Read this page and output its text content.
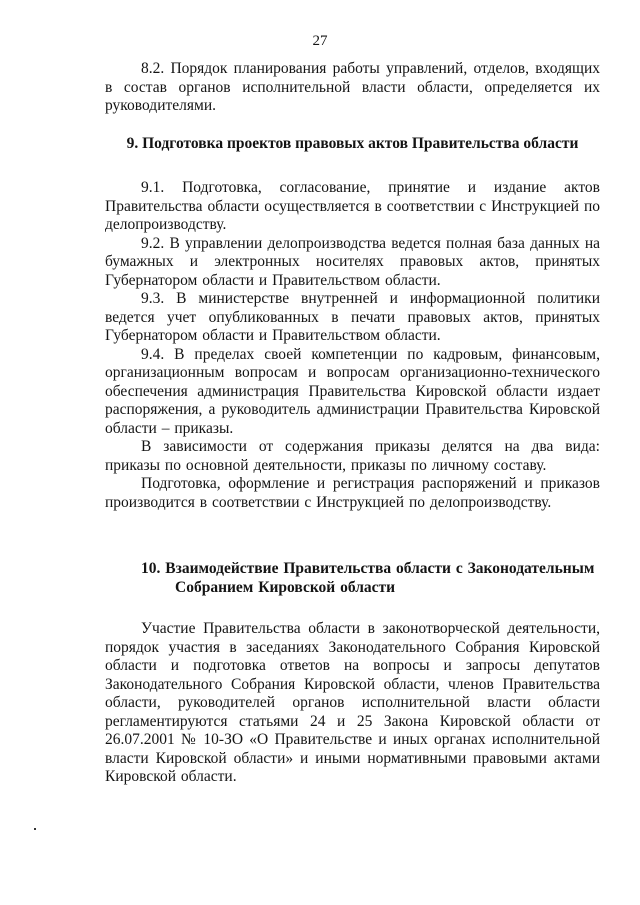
27

8.2. Порядок планирования работы управлений, отделов, входящих в состав органов исполнительной власти области, определяется их руководителями.

9. Подготовка проектов правовых актов Правительства области

9.1. Подготовка, согласование, принятие и издание актов Правительства области осуществляется в соответствии с Инструкцией по делопроизводству.

9.2. В управлении делопроизводства ведется полная база данных на бумажных и электронных носителях правовых актов, принятых Губернатором области и Правительством области.

9.3. В министерстве внутренней и информационной политики ведется учет опубликованных в печати правовых актов, принятых Губернатором области и Правительством области.

9.4. В пределах своей компетенции по кадровым, финансовым, организационным вопросам и вопросам организационно-технического обеспечения администрация Правительства Кировской области издает распоряжения, а руководитель администрации Правительства Кировской области – приказы.

В зависимости от содержания приказы делятся на два вида: приказы по основной деятельности, приказы по личному составу.

Подготовка, оформление и регистрация распоряжений и приказов производится в соответствии с Инструкцией по делопроизводству.

10. Взаимодействие Правительства области с Законодательным Собранием Кировской области

Участие Правительства области в законотворческой деятельности, порядок участия в заседаниях Законодательного Собрания Кировской области и подготовка ответов на вопросы и запросы депутатов Законодательного Собрания Кировской области, членов Правительства области, руководителей органов исполнительной власти области регламентируются статьями 24 и 25 Закона Кировской области от 26.07.2001 № 10-ЗО «О Правительстве и иных органах исполнительной власти Кировской области» и иными нормативными правовыми актами Кировской области.
